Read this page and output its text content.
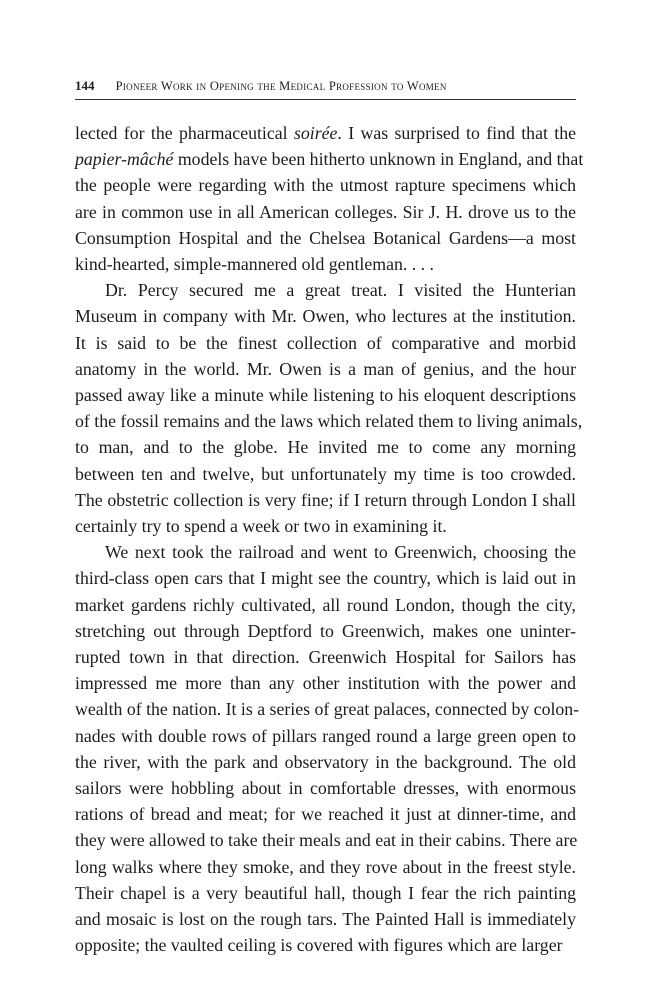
144 Pioneer Work in Opening the Medical Profession to Women
lected for the pharmaceutical soirée. I was surprised to find that the
papier-mâché models have been hitherto unknown in England, and that
the people were regarding with the utmost rapture specimens which
are in common use in all American colleges. Sir J. H. drove us to the
Consumption Hospital and the Chelsea Botanical Gardens—a most
kind-hearted, simple-mannered old gentleman. . . .
Dr. Percy secured me a great treat. I visited the Hunterian
Museum in company with Mr. Owen, who lectures at the institution.
It is said to be the finest collection of comparative and morbid
anatomy in the world. Mr. Owen is a man of genius, and the hour
passed away like a minute while listening to his eloquent descriptions
of the fossil remains and the laws which related them to living animals,
to man, and to the globe. He invited me to come any morning
between ten and twelve, but unfortunately my time is too crowded.
The obstetric collection is very fine; if I return through London I shall
certainly try to spend a week or two in examining it.
We next took the railroad and went to Greenwich, choosing the
third-class open cars that I might see the country, which is laid out in
market gardens richly cultivated, all round London, though the city,
stretching out through Deptford to Greenwich, makes one uninter-
rupted town in that direction. Greenwich Hospital for Sailors has
impressed me more than any other institution with the power and
wealth of the nation. It is a series of great palaces, connected by colon-
nades with double rows of pillars ranged round a large green open to
the river, with the park and observatory in the background. The old
sailors were hobbling about in comfortable dresses, with enormous
rations of bread and meat; for we reached it just at dinner-time, and
they were allowed to take their meals and eat in their cabins. There are
long walks where they smoke, and they rove about in the freest style.
Their chapel is a very beautiful hall, though I fear the rich painting
and mosaic is lost on the rough tars. The Painted Hall is immediately
opposite; the vaulted ceiling is covered with figures which are larger
